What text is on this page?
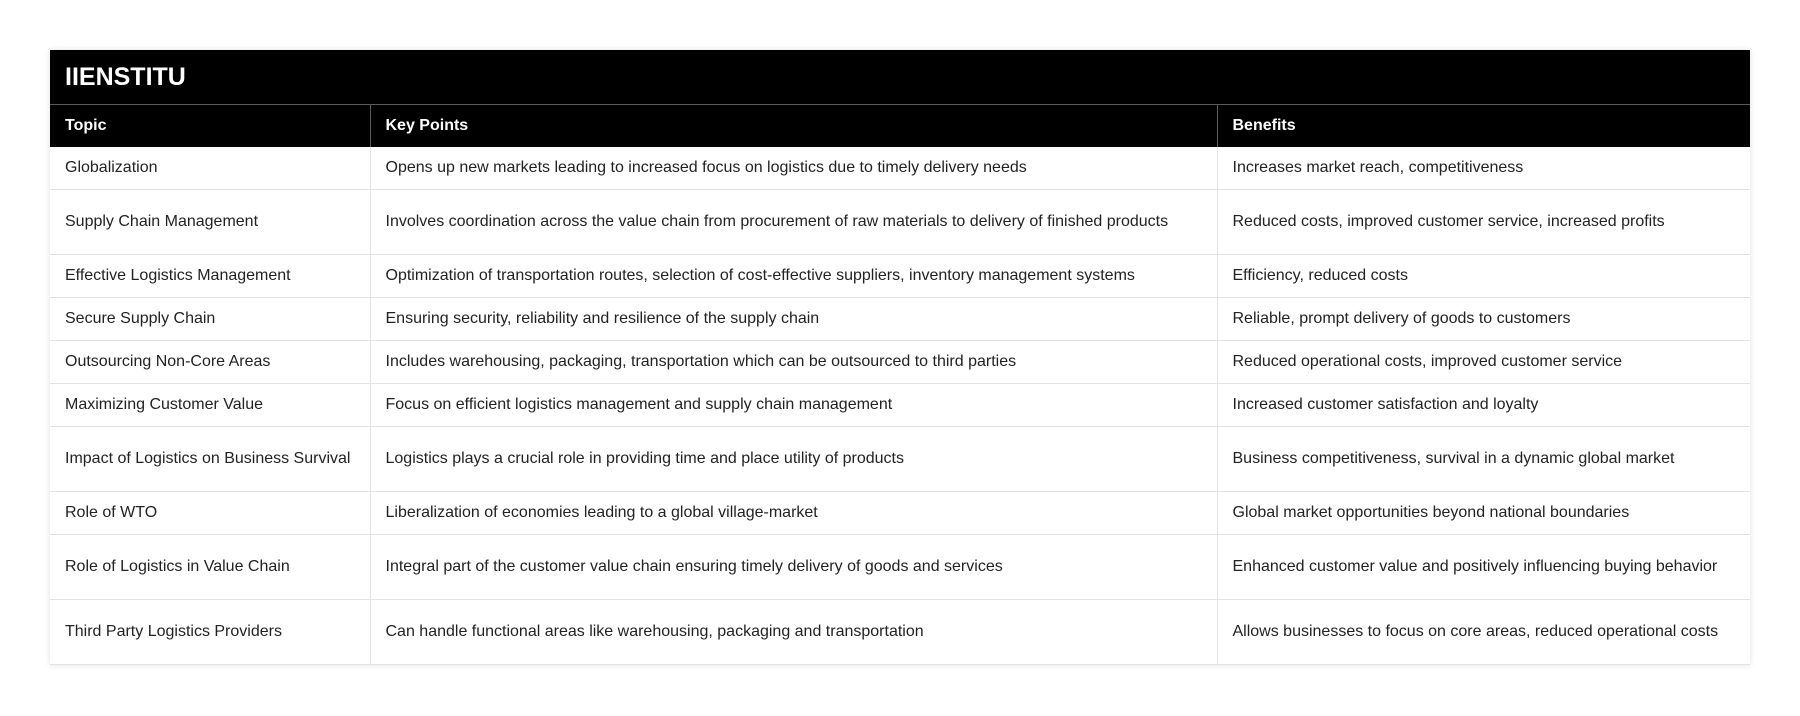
IIENSTITU		
Topic	Key Points	Benefits
Globalization	Opens up new markets leading to increased focus on logistics due to timely delivery needs	Increases market reach, competitiveness
Supply Chain Management	Involves coordination across the value chain from procurement of raw materials to delivery of finished products	Reduced costs, improved customer service, increased profits
Effective Logistics Management	Optimization of transportation routes, selection of cost-effective suppliers, inventory management systems	Efficiency, reduced costs
Secure Supply Chain	Ensuring security, reliability and resilience of the supply chain	Reliable, prompt delivery of goods to customers
Outsourcing Non-Core Areas	Includes warehousing, packaging, transportation which can be outsourced to third parties	Reduced operational costs, improved customer service
Maximizing Customer Value	Focus on efficient logistics management and supply chain management	Increased customer satisfaction and loyalty
Impact of Logistics on Business Survival	Logistics plays a crucial role in providing time and place utility of products	Business competitiveness, survival in a dynamic global market
Role of WTO	Liberalization of economies leading to a global village-market	Global market opportunities beyond national boundaries
Role of Logistics in Value Chain	Integral part of the customer value chain ensuring timely delivery of goods and services	Enhanced customer value and positively influencing buying behavior
Third Party Logistics Providers	Can handle functional areas like warehousing, packaging and transportation	Allows businesses to focus on core areas, reduced operational costs
